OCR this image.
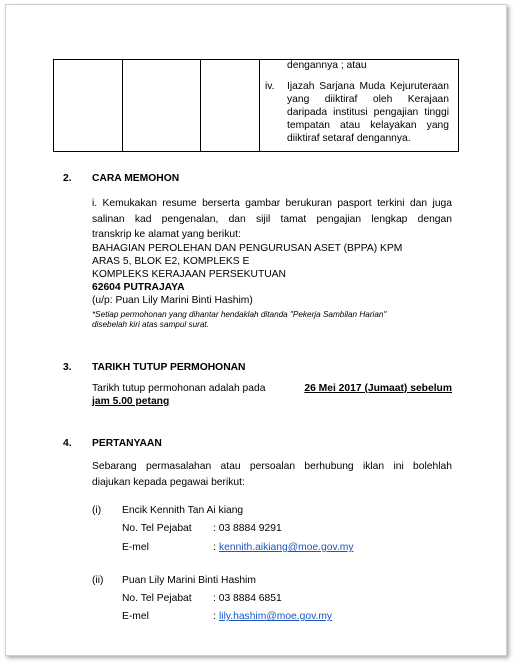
dengannya ; atau
iv. Ijazah Sarjana Muda Kejuruteraan
yang diiktiraf oleh Kerajaan
daripada institusi pengajian tinggi
tempatan atau kelayakan yang
diiktiraf setaraf dengannya.
2. CARA MEMOHON
i. Kemukakan resume berserta gambar berukuran pasport terkini dan juga
salinan kad pengenalan, dan sijil tamat pengajian lengkap dengan
transkrip ke alamat yang berikut:
BAHAGIAN PEROLEHAN DAN PENGURUSAN ASET (BPPA) KPM
ARAS 5, BLOK E2, KOMPLEKS E
KOMPLEKS KERAJAAN PERSEKUTUAN
62604 PUTRAJAYA
(u/p: Puan Lily Marini Binti Hashim)
*Setiap permohonan yang dihantar hendaklah ditanda "Pekerja Sambilan Harian"
disebelah kiri atas sampul surat.
3. TARIKH TUTUP PERMOHONAN
Tarikh tutup permohonan adalah pada	26 Mei 2017 (Jumaat) sebelum
jam 5.00 petang
4. PERTANYAAN
Sebarang permasalahan atau persoalan berhubung iklan ini bolehlah
diajukan kepada pegawai berikut:
(i) Encik Kennith Tan Ai kiang
No. Tel Pejabat : 03 8884 9291
E-mel	: kennith.aikiang@moe.gov.my
(ii) Puan Lily Marini Binti Hashim
No. Tel Pejabat : 03 8884 6851
E-mel	: lily.hashim@moe.gov.my
